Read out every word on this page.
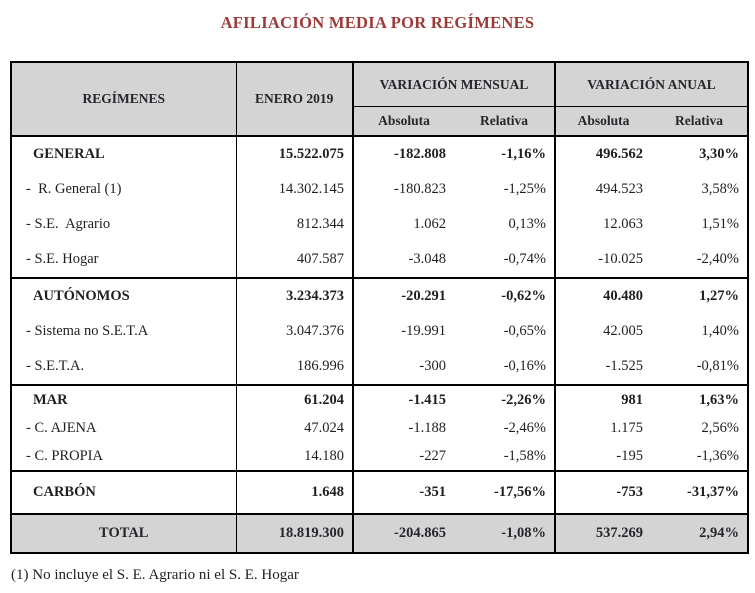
AFILIACIÓN MEDIA POR REGÍMENES
REGÍMENES	ENERO 2019	VARIACIÓN MENSUAL		VARIACIÓN ANUAL	
		Absoluta	Relativa	Absoluta	Relativa
GENERAL	15.522.075	-182.808	-1,16%	496.562	3,30%
-  R. General (1)	14.302.145	-180.823	-1,25%	494.523	3,58%
- S.E.  Agrario	812.344	1.062	0,13%	12.063	1,51%
- S.E. Hogar	407.587	-3.048	-0,74%	-10.025	-2,40%
AUTÓNOMOS	3.234.373	-20.291	-0,62%	40.480	1,27%
- Sistema no S.E.T.A	3.047.376	-19.991	-0,65%	42.005	1,40%
- S.E.T.A.	186.996	-300	-0,16%	-1.525	-0,81%
MAR	61.204	-1.415	-2,26%	981	1,63%
- C. AJENA	47.024	-1.188	-2,46%	1.175	2,56%
- C. PROPIA	14.180	-227	-1,58%	-195	-1,36%
CARBÓN	1.648	-351	-17,56%	-753	-31,37%
TOTAL	18.819.300	-204.865	-1,08%	537.269	2,94%
(1) No incluye el S. E. Agrario ni el S. E. Hogar
